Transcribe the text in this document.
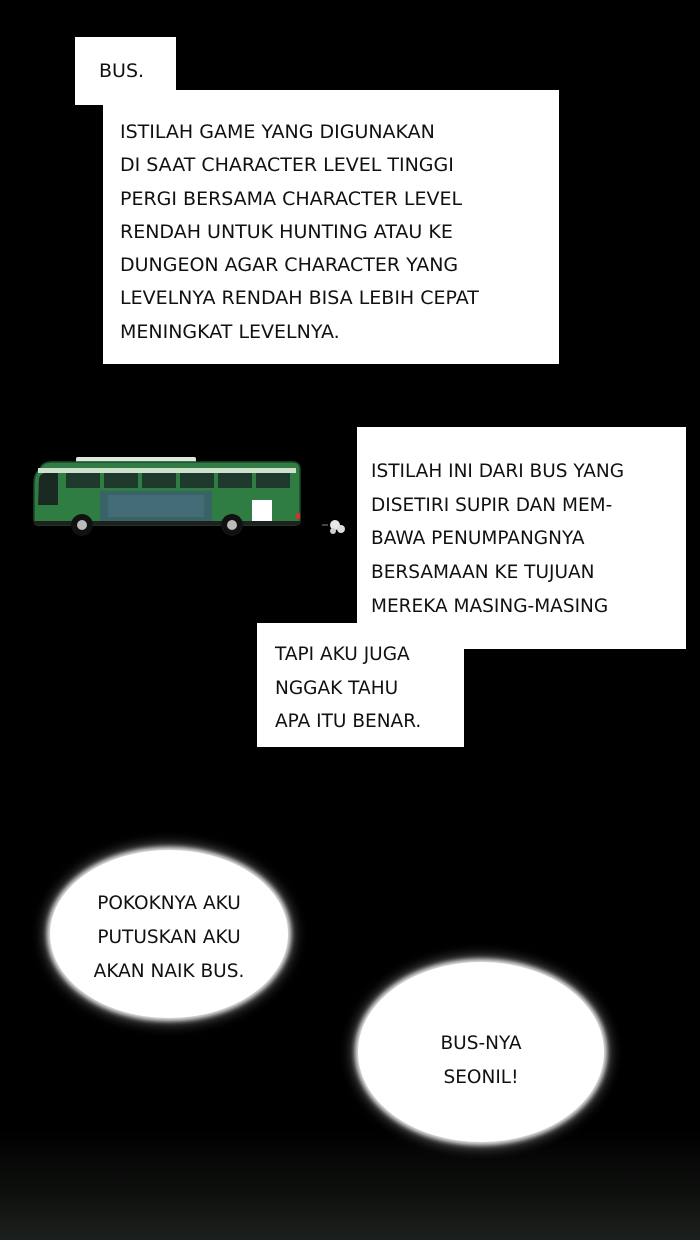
BUS.
ISTILAH GAME YANG DIGUNAKAN
DI SAAT CHARACTER LEVEL TINGGI
PERGI BERSAMA CHARACTER LEVEL
RENDAH UNTUK HUNTING ATAU KE
DUNGEON AGAR CHARACTER YANG
LEVELNYA RENDAH BISA LEBIH CEPAT
MENINGKAT LEVELNYA.
ISTILAH INI DARI BUS YANG
DISETIRI SUPIR DAN MEM-
BAWA PENUMPANGNYA
BERSAMAAN KE TUJUAN
MEREKA MASING-MASING
TAPI AKU JUGA
NGGAK TAHU
APA ITU BENAR.
POKOKNYA AKU
PUTUSKAN AKU
AKAN NAIK BUS.
BUS-NYA
SEONIL!
